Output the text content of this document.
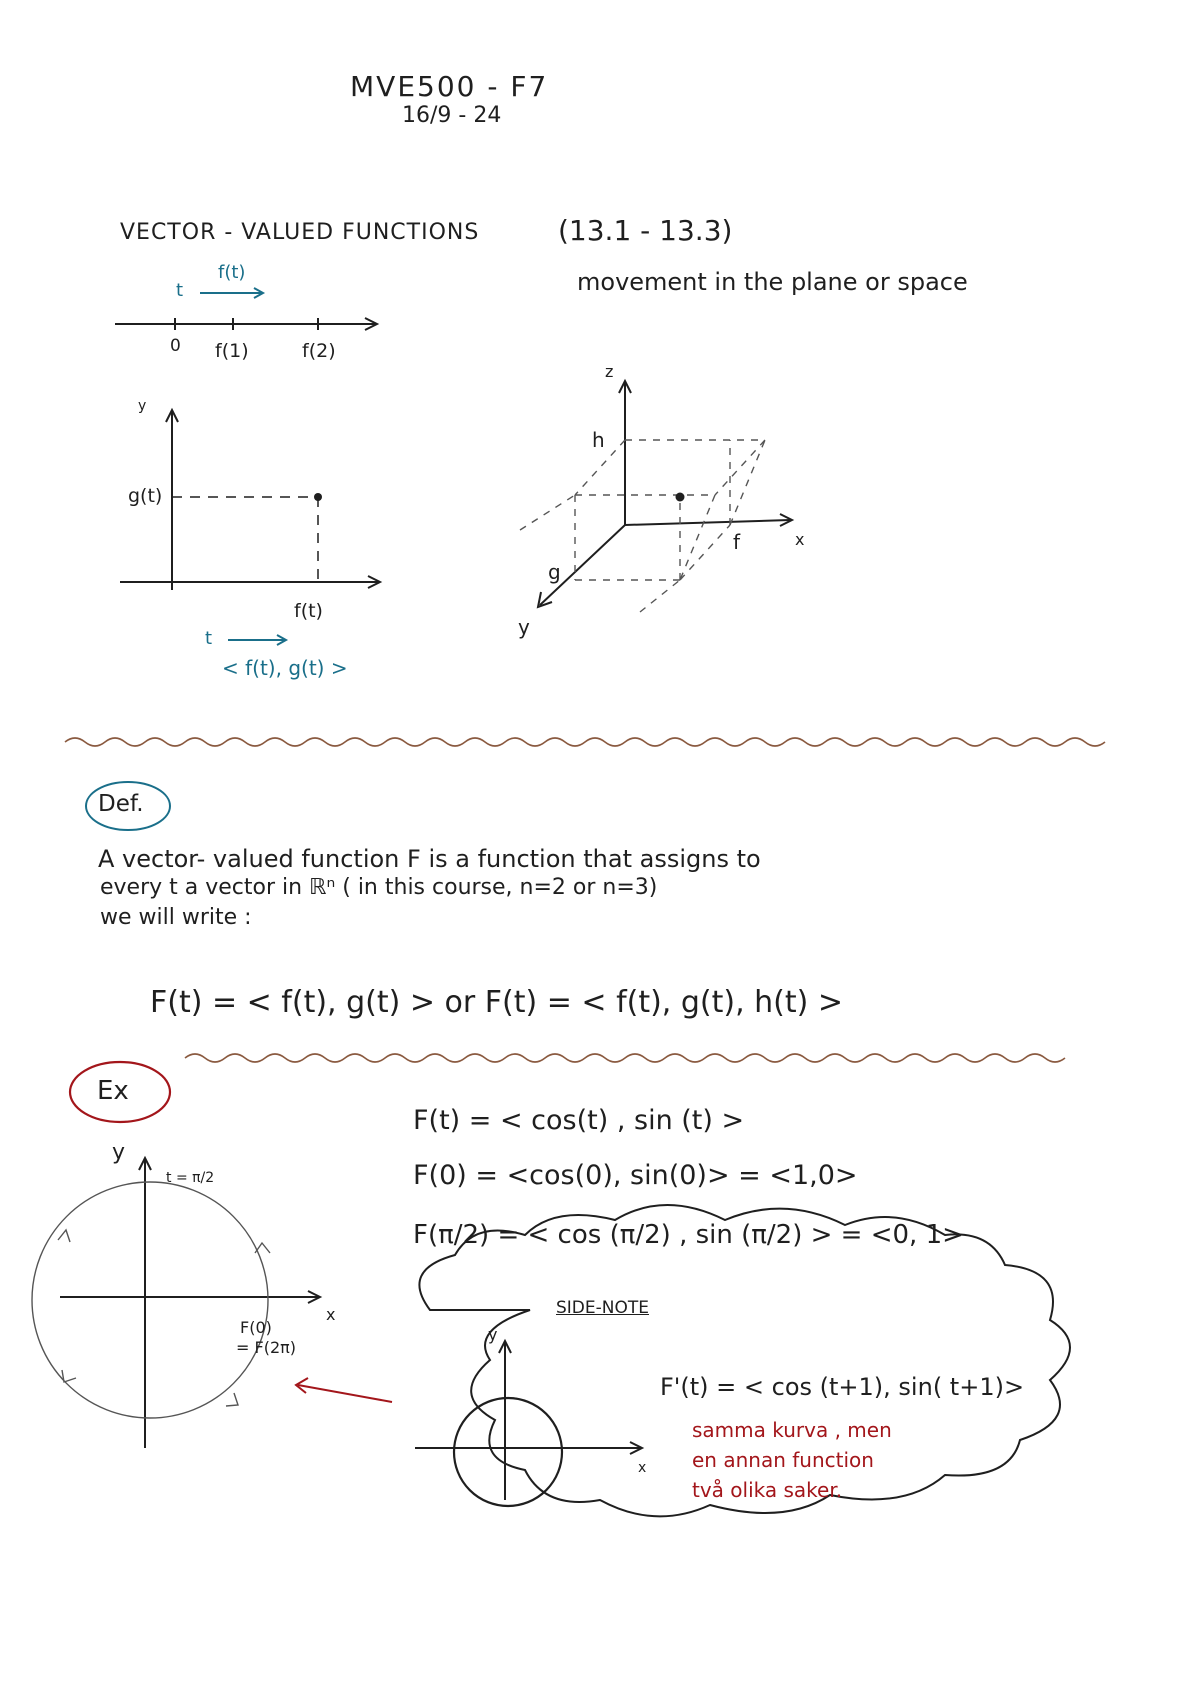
MVE500 - F7
16/9 - 24
VECTOR - VALUED FUNCTIONS	(13.1 - 13.3)
movement in the plane or space
f(t)
t
0 f(1)	f(2)
y
g(t)
f(t)
t
< f(t), g(t) >
z
h
x
f
g
y
Def.
A vector- valued function F is a function that assigns to
every t a vector in ℝⁿ ( in this course, n=2 or n=3)
we will write :
F(t) = < f(t), g(t) > or F(t) = < f(t), g(t), h(t) >
Ex
F(t) = < cos(t) , sin (t) >
F(0) = <cos(0), sin(0)> = <1,0>
F(π/2) = < cos (π/2) , sin (π/2) > = <0, 1>
y
x
t = π/2
F(0)
= F(2π)
SIDE-NOTE
y
x
F'(t) = < cos (t+1), sin( t+1)>
samma kurva , men
en annan function
två olika saker.
